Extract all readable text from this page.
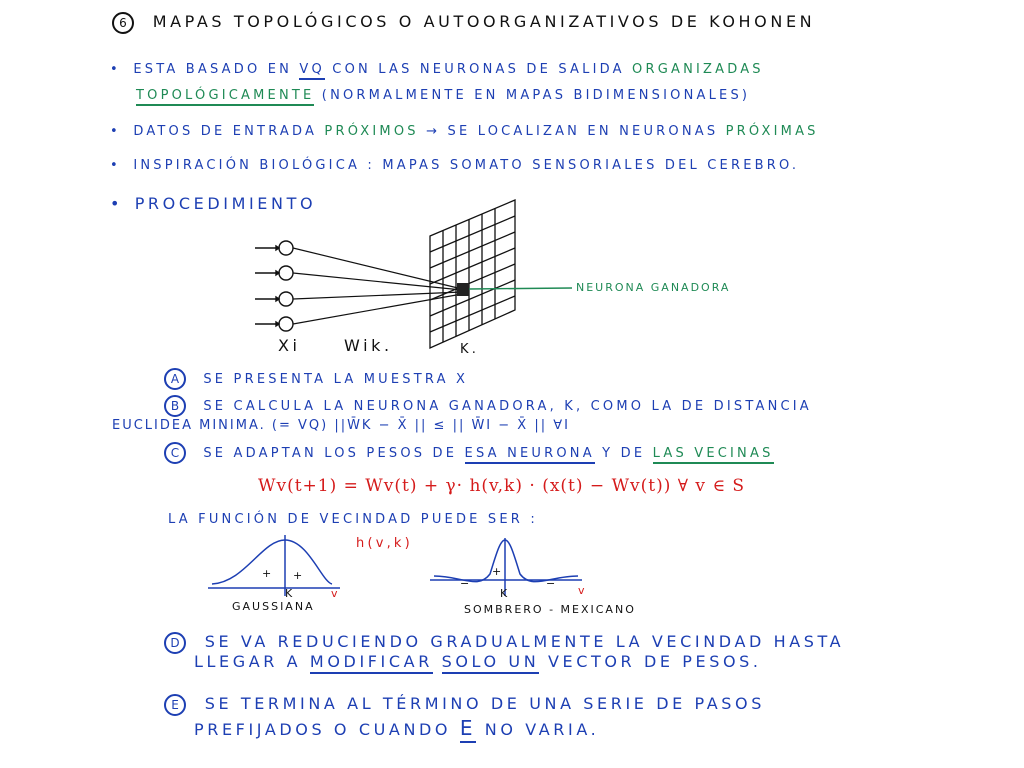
6 MAPAS TOPOLÓGICOS O AUTOORGANIZATIVOS DE KOHONEN
• ESTA BASADO EN VQ CON LAS NEURONAS DE SALIDA ORGANIZADAS
TOPOLÓGICAMENTE (NORMALMENTE EN MAPAS BIDIMENSIONALES)
• DATOS DE ENTRADA PRÓXIMOS → SE LOCALIZAN EN NEURONAS PRÓXIMAS
• INSPIRACIÓN BIOLÓGICA : MAPAS SOMATO SENSORIALES DEL CEREBRO.
• PROCEDIMIENTO
Xi	Wik.	K.
NEURONA GANADORA
A SE PRESENTA LA MUESTRA X
B SE CALCULA LA NEURONA GANADORA, K, COMO LA DE DISTANCIA
EUCLIDEA MINIMA. (= VQ) ||W̄K − X̄ || ≤ || W̄I − X̄ || ∀I
C SE ADAPTAN LOS PESOS DE ESA NEURONA Y DE LAS VECINAS
Wv(t+1) = Wv(t) + γ· h(v,k) · (x(t) − Wv(t)) ∀ v ∈ S
LA FUNCIÓN DE VECINDAD PUEDE SER :
h(v,k)
+ +
K	v
GAUSSIANA
−
+
−
K	v
SOMBRERO - MEXICANO
D SE VA REDUCIENDO GRADUALMENTE LA VECINDAD HASTA
LLEGAR A MODIFICAR SOLO UN VECTOR DE PESOS.
E SE TERMINA AL TÉRMINO DE UNA SERIE DE PASOS
PREFIJADOS O CUANDO E NO VARIA.
